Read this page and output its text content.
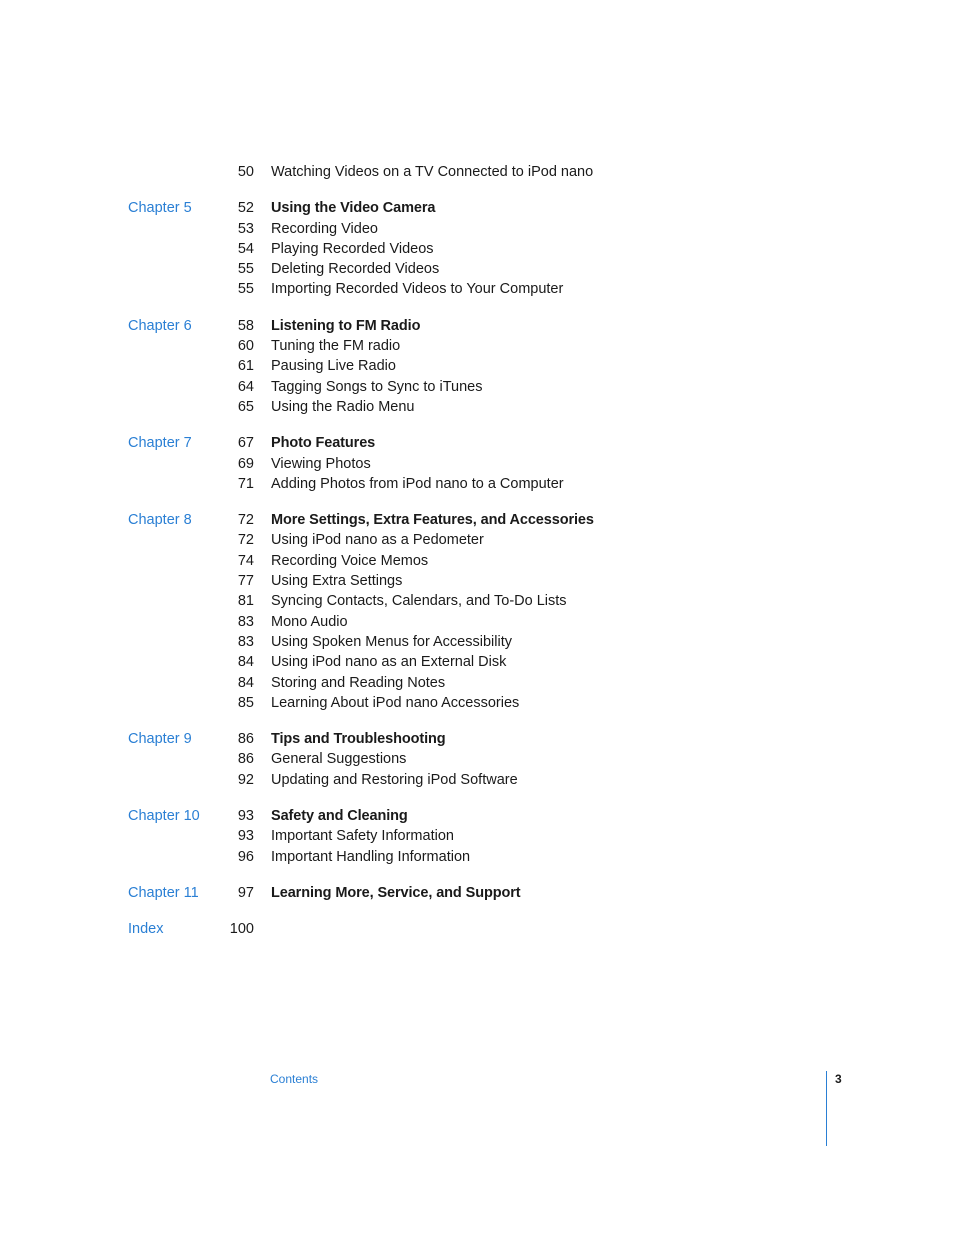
50 Watching Videos on a TV Connected to iPod nano
Chapter 5	52 Using the Video Camera
53 Recording Video
54 Playing Recorded Videos
55 Deleting Recorded Videos
55 Importing Recorded Videos to Your Computer
Chapter 6	58 Listening to FM Radio
60 Tuning the FM radio
61 Pausing Live Radio
64 Tagging Songs to Sync to iTunes
65 Using the Radio Menu
Chapter 7	67 Photo Features
69 Viewing Photos
71 Adding Photos from iPod nano to a Computer
Chapter 8	72 More Settings, Extra Features, and Accessories
72 Using iPod nano as a Pedometer
74 Recording Voice Memos
77 Using Extra Settings
81 Syncing Contacts, Calendars, and To-Do Lists
83 Mono Audio
83 Using Spoken Menus for Accessibility
84 Using iPod nano as an External Disk
84 Storing and Reading Notes
85 Learning About iPod nano Accessories
Chapter 9	86 Tips and Troubleshooting
86 General Suggestions
92 Updating and Restoring iPod Software
Chapter 10	93 Safety and Cleaning
93 Important Safety Information
96 Important Handling Information
Chapter 11	97 Learning More, Service, and Support
Index	100
Contents	3
